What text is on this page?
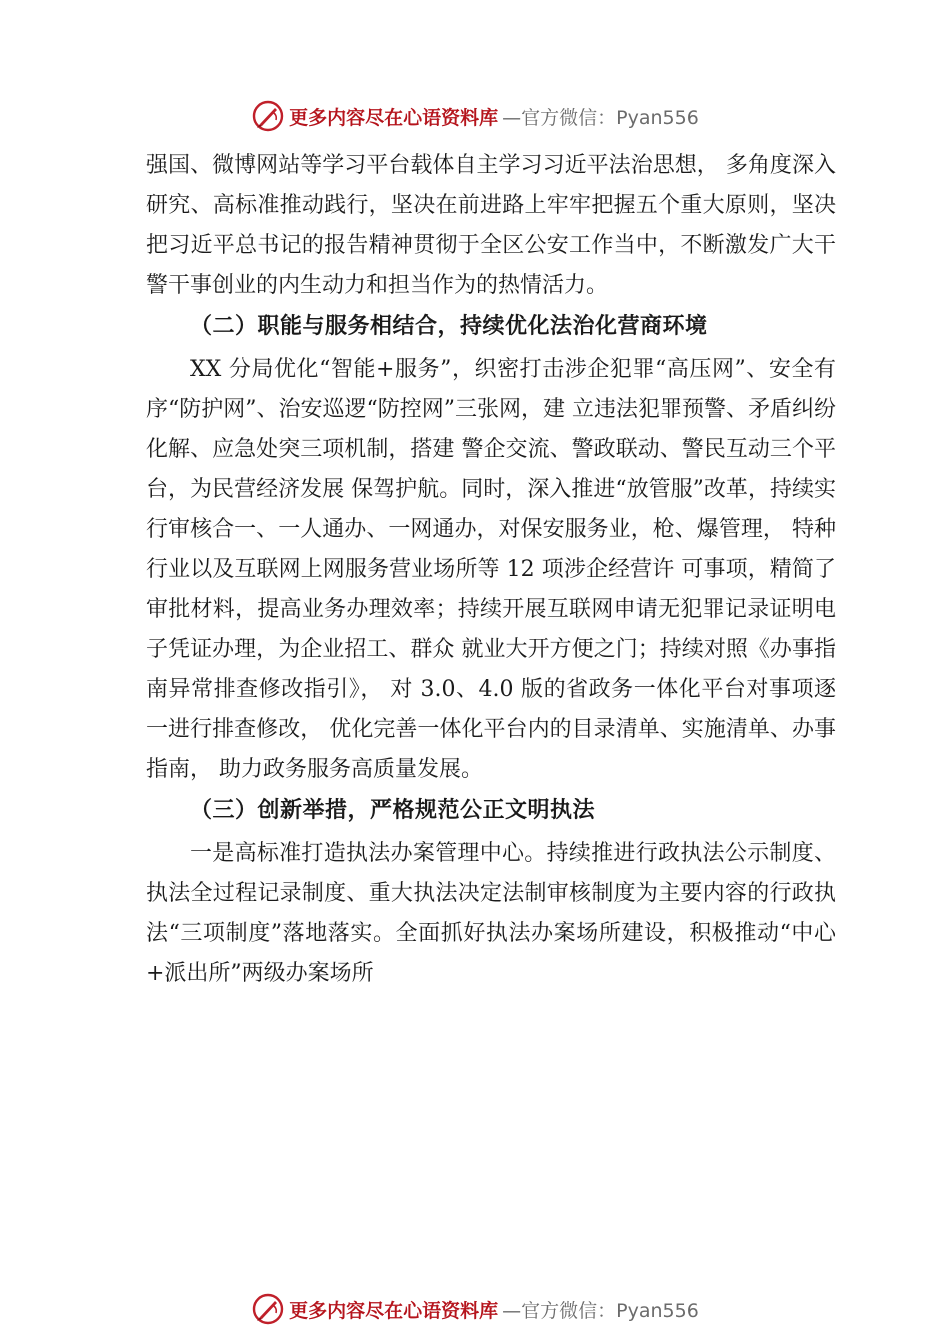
更多内容尽在心语资料库 —官方微信：Pyan556

强国、微博网站等学习平台载体自主学习习近平法治思想， 多角度深入研究、高标准推动践行，坚决在前进路上牢牢把握五个重大原则，坚决把习近平总书记的报告精神贯彻于全区公安工作当中，不断激发广大干警干事创业的内生动力和担当作为的热情活力。

（二）职能与服务相结合，持续优化法治化营商环境

XX 分局优化“智能+服务”，织密打击涉企犯罪“高压网”、安全有序“防护网”、治安巡逻“防控网”三张网，建 立违法犯罪预警、矛盾纠纷化解、应急处突三项机制，搭建 警企交流、警政联动、警民互动三个平台，为民营经济发展 保驾护航。同时，深入推进“放管服”改革，持续实行审核合一、一人通办、一网通办，对保安服务业，枪、爆管理， 特种行业以及互联网上网服务营业场所等 12 项涉企经营许 可事项，精简了审批材料，提高业务办理效率；持续开展互联网申请无犯罪记录证明电子凭证办理，为企业招工、群众 就业大开方便之门；持续对照《办事指南异常排查修改指引》， 对 3.0、4.0 版的省政务一体化平台对事项逐一进行排查修改， 优化完善一体化平台内的目录清单、实施清单、办事指南， 助力政务服务高质量发展。

（三）创新举措，严格规范公正文明执法

一是高标准打造执法办案管理中心。持续推进行政执法公示制度、执法全过程记录制度、重大执法决定法制审核制度为主要内容的行政执法“三项制度”落地落实。全面抓好执法办案场所建设，积极推动“中心+派出所”两级办案场所

更多内容尽在心语资料库 —官方微信：Pyan556
